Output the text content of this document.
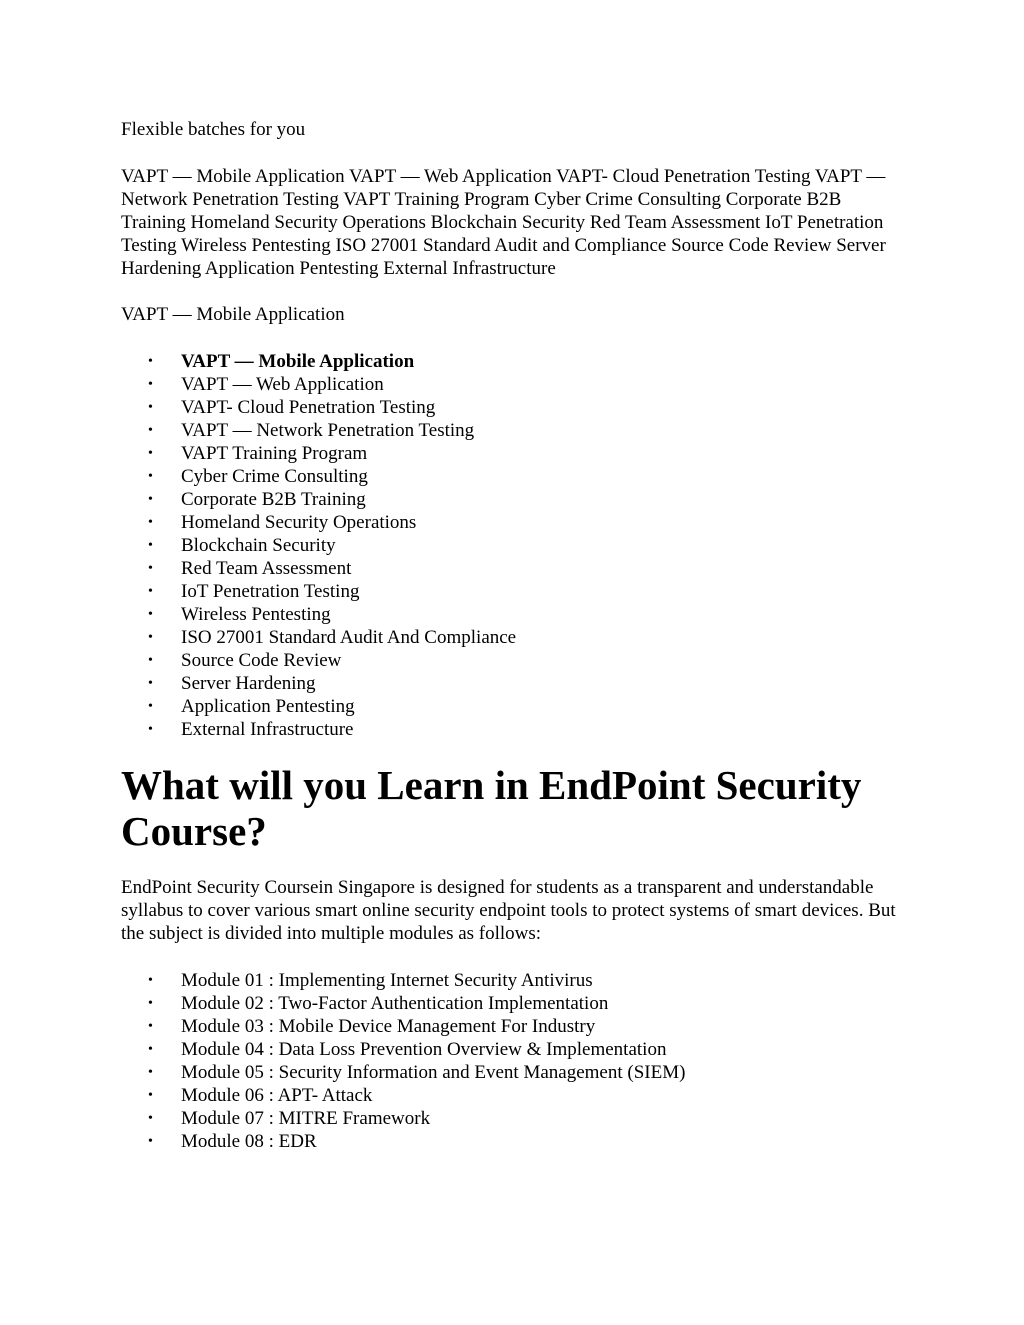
Flexible batches for you

VAPT — Mobile Application VAPT — Web Application VAPT- Cloud Penetration Testing VAPT — Network Penetration Testing VAPT Training Program Cyber Crime Consulting Corporate B2B Training Homeland Security Operations Blockchain Security Red Team Assessment IoT Penetration Testing Wireless Pentesting ISO 27001 Standard Audit and Compliance Source Code Review Server Hardening Application Pentesting External Infrastructure

VAPT — Mobile Application

• VAPT — Mobile Application
• VAPT — Web Application
• VAPT- Cloud Penetration Testing
• VAPT — Network Penetration Testing
• VAPT Training Program
• Cyber Crime Consulting
• Corporate B2B Training
• Homeland Security Operations
• Blockchain Security
• Red Team Assessment
• IoT Penetration Testing
• Wireless Pentesting
• ISO 27001 Standard Audit And Compliance
• Source Code Review
• Server Hardening
• Application Pentesting
• External Infrastructure
What will you Learn in EndPoint Security Course?

EndPoint Security Coursein Singapore is designed for students as a transparent and understandable syllabus to cover various smart online security endpoint tools to protect systems of smart devices. But the subject is divided into multiple modules as follows:

• Module 01 : Implementing Internet Security Antivirus
• Module 02 : Two-Factor Authentication Implementation
• Module 03 : Mobile Device Management For Industry
• Module 04 : Data Loss Prevention Overview & Implementation
• Module 05 : Security Information and Event Management (SIEM)
• Module 06 : APT- Attack
• Module 07 : MITRE Framework
• Module 08 : EDR
